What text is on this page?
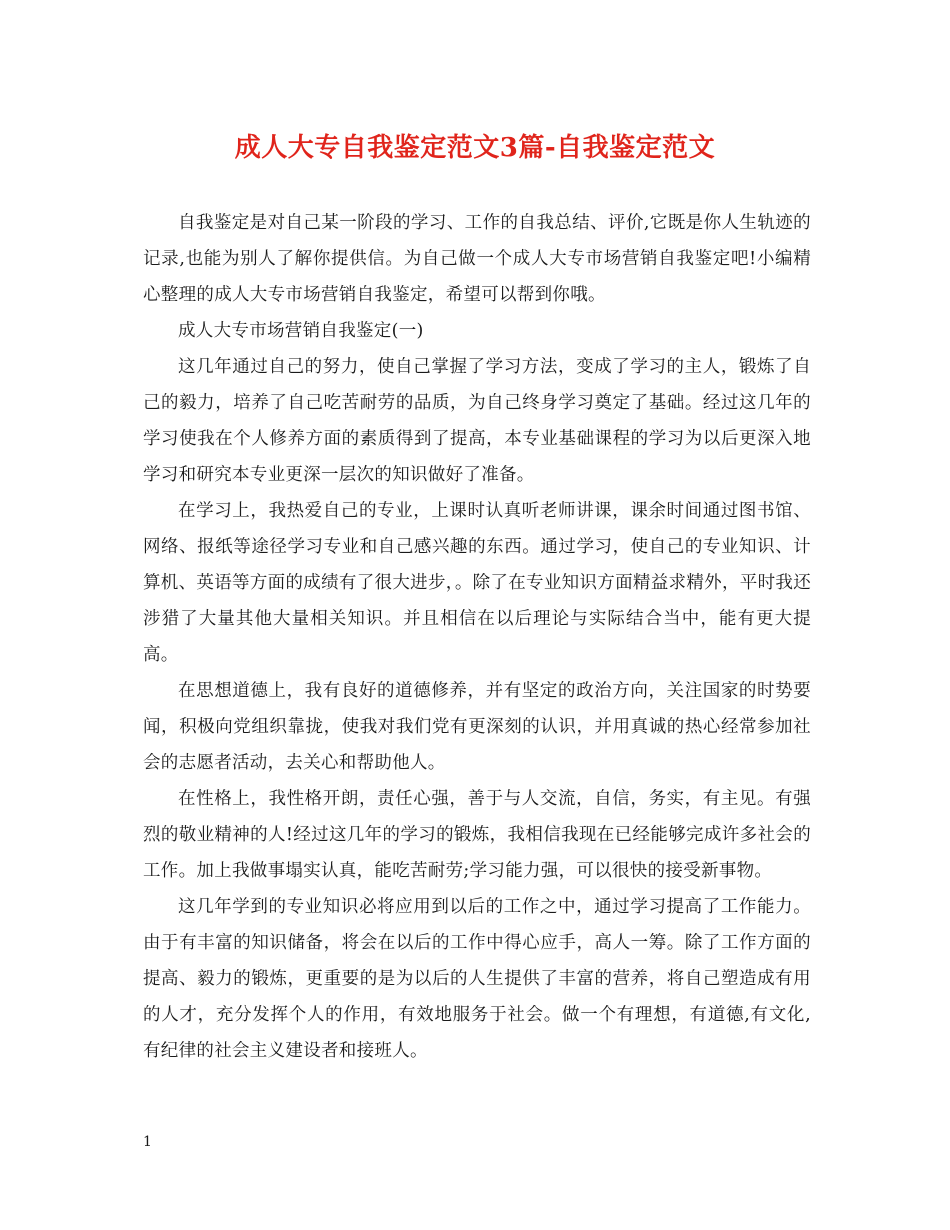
成人大专自我鉴定范文3篇-自我鉴定范文

自我鉴定是对自己某一阶段的学习、工作的自我总结、评价,它既是你人生轨迹的记录,也能为别人了解你提供信。为自己做一个成人大专市场营销自我鉴定吧!小编精心整理的成人大专市场营销自我鉴定，希望可以帮到你哦。

成人大专市场营销自我鉴定(一)

这几年通过自己的努力，使自己掌握了学习方法，变成了学习的主人，锻炼了自己的毅力，培养了自己吃苦耐劳的品质，为自己终身学习奠定了基础。经过这几年的学习使我在个人修养方面的素质得到了提高，本专业基础课程的学习为以后更深入地学习和研究本专业更深一层次的知识做好了准备。

在学习上，我热爱自己的专业，上课时认真听老师讲课，课余时间通过图书馆、网络、报纸等途径学习专业和自己感兴趣的东西。通过学习，使自己的专业知识、计算机、英语等方面的成绩有了很大进步，。除了在专业知识方面精益求精外，平时我还涉猎了大量其他大量相关知识。并且相信在以后理论与实际结合当中，能有更大提高。

在思想道德上，我有良好的道德修养，并有坚定的政治方向，关注国家的时势要闻，积极向党组织靠拢，使我对我们党有更深刻的认识，并用真诚的热心经常参加社会的志愿者活动，去关心和帮助他人。

在性格上，我性格开朗，责任心强，善于与人交流，自信，务实，有主见。有强烈的敬业精神的人!经过这几年的学习的锻炼，我相信我现在已经能够完成许多社会的工作。加上我做事塌实认真，能吃苦耐劳;学习能力强，可以很快的接受新事物。

这几年学到的专业知识必将应用到以后的工作之中，通过学习提高了工作能力。由于有丰富的知识储备，将会在以后的工作中得心应手，高人一筹。除了工作方面的提高、毅力的锻炼，更重要的是为以后的人生提供了丰富的营养，将自己塑造成有用的人才，充分发挥个人的作用，有效地服务于社会。做一个有理想，有道德,有文化,有纪律的社会主义建设者和接班人。

1
